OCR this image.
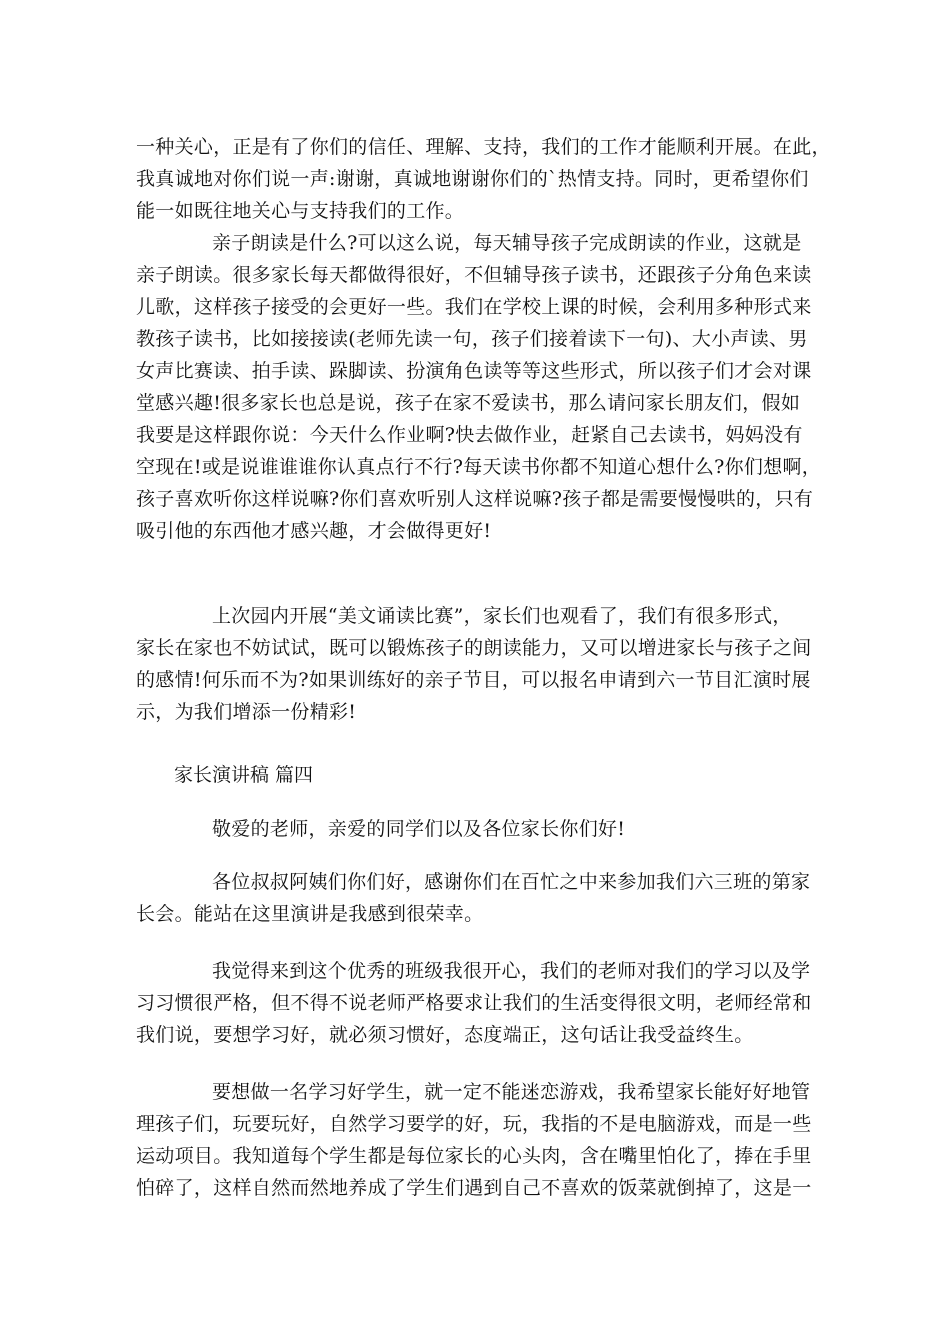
一种关心，正是有了你们的信任、理解、支持，我们的工作才能顺利开展。在此，
我真诚地对你们说一声:谢谢，真诚地谢谢你们的`热情支持。同时，更希望你们
能一如既往地关心与支持我们的工作。
亲子朗读是什么?可以这么说，每天辅导孩子完成朗读的作业，这就是
亲子朗读。很多家长每天都做得很好，不但辅导孩子读书，还跟孩子分角色来读
儿歌，这样孩子接受的会更好一些。我们在学校上课的时候，会利用多种形式来
教孩子读书，比如接接读(老师先读一句，孩子们接着读下一句)、大小声读、男
女声比赛读、拍手读、跺脚读、扮演角色读等等这些形式，所以孩子们才会对课
堂感兴趣!很多家长也总是说，孩子在家不爱读书，那么请问家长朋友们，假如
我要是这样跟你说：今天什么作业啊?快去做作业，赶紧自己去读书，妈妈没有
空现在!或是说谁谁谁你认真点行不行?每天读书你都不知道心想什么?你们想啊，
孩子喜欢听你这样说嘛?你们喜欢听别人这样说嘛?孩子都是需要慢慢哄的，只有
吸引他的东西他才感兴趣，才会做得更好!
上次园内开展“美文诵读比赛”，家长们也观看了，我们有很多形式，
家长在家也不妨试试，既可以锻炼孩子的朗读能力，又可以增进家长与孩子之间
的感情!何乐而不为?如果训练好的亲子节目，可以报名申请到六一节目汇演时展
示，为我们增添一份精彩!
家长演讲稿 篇四
敬爱的老师，亲爱的同学们以及各位家长你们好!
各位叔叔阿姨们你们好，感谢你们在百忙之中来参加我们六三班的第家
长会。能站在这里演讲是我感到很荣幸。
我觉得来到这个优秀的班级我很开心，我们的老师对我们的学习以及学
习习惯很严格，但不得不说老师严格要求让我们的生活变得很文明，老师经常和
我们说，要想学习好，就必须习惯好，态度端正，这句话让我受益终生。
要想做一名学习好学生，就一定不能迷恋游戏，我希望家长能好好地管
理孩子们，玩要玩好，自然学习要学的好，玩，我指的不是电脑游戏，而是一些
运动项目。我知道每个学生都是每位家长的心头肉，含在嘴里怕化了，捧在手里
怕碎了，这样自然而然地养成了学生们遇到自己不喜欢的饭菜就倒掉了，这是一
